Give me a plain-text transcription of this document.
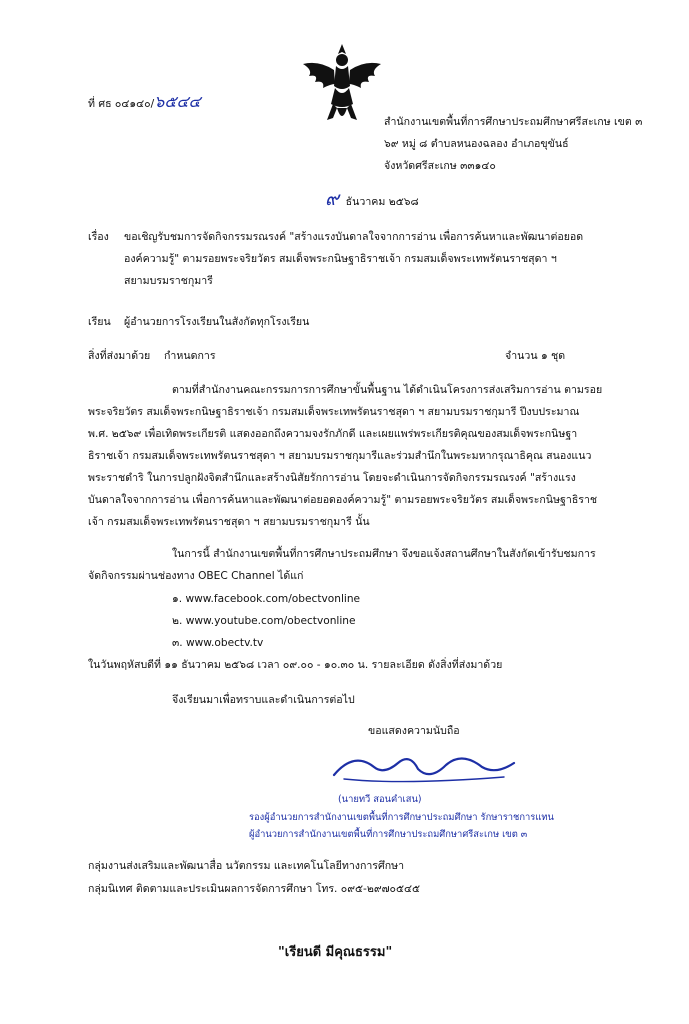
ที่ ศธ ๐๔๑๔๐/๖๕๔๔
สำนักงานเขตพื้นที่การศึกษาประถมศึกษาศรีสะเกษ เขต ๓
๖๙ หมู่ ๘ ตำบลหนองฉลอง อำเภอขุขันธ์
จังหวัดศรีสะเกษ ๓๓๑๔๐
๙ ธันวาคม ๒๕๖๘
เรื่อง ขอเชิญรับชมการจัดกิจกรรมรณรงค์ "สร้างแรงบันดาลใจจากการอ่าน เพื่อการค้นหาและพัฒนาต่อยอด
องค์ความรู้" ตามรอยพระจริยวัตร สมเด็จพระกนิษฐาธิราชเจ้า กรมสมเด็จพระเทพรัตนราชสุดา ฯ
สยามบรมราชกุมารี
เรียน ผู้อำนวยการโรงเรียนในสังกัดทุกโรงเรียน
สิ่งที่ส่งมาด้วย กำหนดการ	จำนวน ๑ ชุด
ตามที่สำนักงานคณะกรรมการการศึกษาขั้นพื้นฐาน ได้ดำเนินโครงการส่งเสริมการอ่าน ตามรอย
พระจริยวัตร สมเด็จพระกนิษฐาธิราชเจ้า กรมสมเด็จพระเทพรัตนราชสุดา ฯ สยามบรมราชกุมารี ปีงบประมาณ
พ.ศ. ๒๕๖๙ เพื่อเทิดพระเกียรติ แสดงออกถึงความจงรักภักดี และเผยแพร่พระเกียรติคุณของสมเด็จพระกนิษฐา
ธิราชเจ้า กรมสมเด็จพระเทพรัตนราชสุดา ฯ สยามบรมราชกุมารีและร่วมสำนึกในพระมหากรุณาธิคุณ สนองแนว
พระราชดำริ ในการปลูกฝังจิตสำนึกและสร้างนิสัยรักการอ่าน โดยจะดำเนินการจัดกิจกรรมรณรงค์ "สร้างแรง
บันดาลใจจากการอ่าน เพื่อการค้นหาและพัฒนาต่อยอดองค์ความรู้" ตามรอยพระจริยวัตร สมเด็จพระกนิษฐาธิราช
เจ้า กรมสมเด็จพระเทพรัตนราชสุดา ฯ สยามบรมราชกุมารี นั้น
ในการนี้ สำนักงานเขตพื้นที่การศึกษาประถมศึกษา จึงขอแจ้งสถานศึกษาในสังกัดเข้ารับชมการ
จัดกิจกรรมผ่านช่องทาง OBEC Channel ได้แก่
๑. www.facebook.com/obectvonline
๒. www.youtube.com/obectvonline
๓. www.obectv.tv
ในวันพฤหัสบดีที่ ๑๑ ธันวาคม ๒๕๖๘ เวลา ๐๙.๐๐ - ๑๐.๓๐ น. รายละเอียด ดังสิ่งที่ส่งมาด้วย
จึงเรียนมาเพื่อทราบและดำเนินการต่อไป
ขอแสดงความนับถือ
(นายทวี สอนคำเสน)
รองผู้อำนวยการสำนักงานเขตพื้นที่การศึกษาประถมศึกษา รักษาราชการแทน
ผู้อำนวยการสำนักงานเขตพื้นที่การศึกษาประถมศึกษาศรีสะเกษ เขต ๓
กลุ่มงานส่งเสริมและพัฒนาสื่อ นวัตกรรม และเทคโนโลยีทางการศึกษา
กลุ่มนิเทศ ติดตามและประเมินผลการจัดการศึกษา โทร. ๐๙๕-๒๙๗๐๕๔๕
"เรียนดี มีคุณธรรม"
